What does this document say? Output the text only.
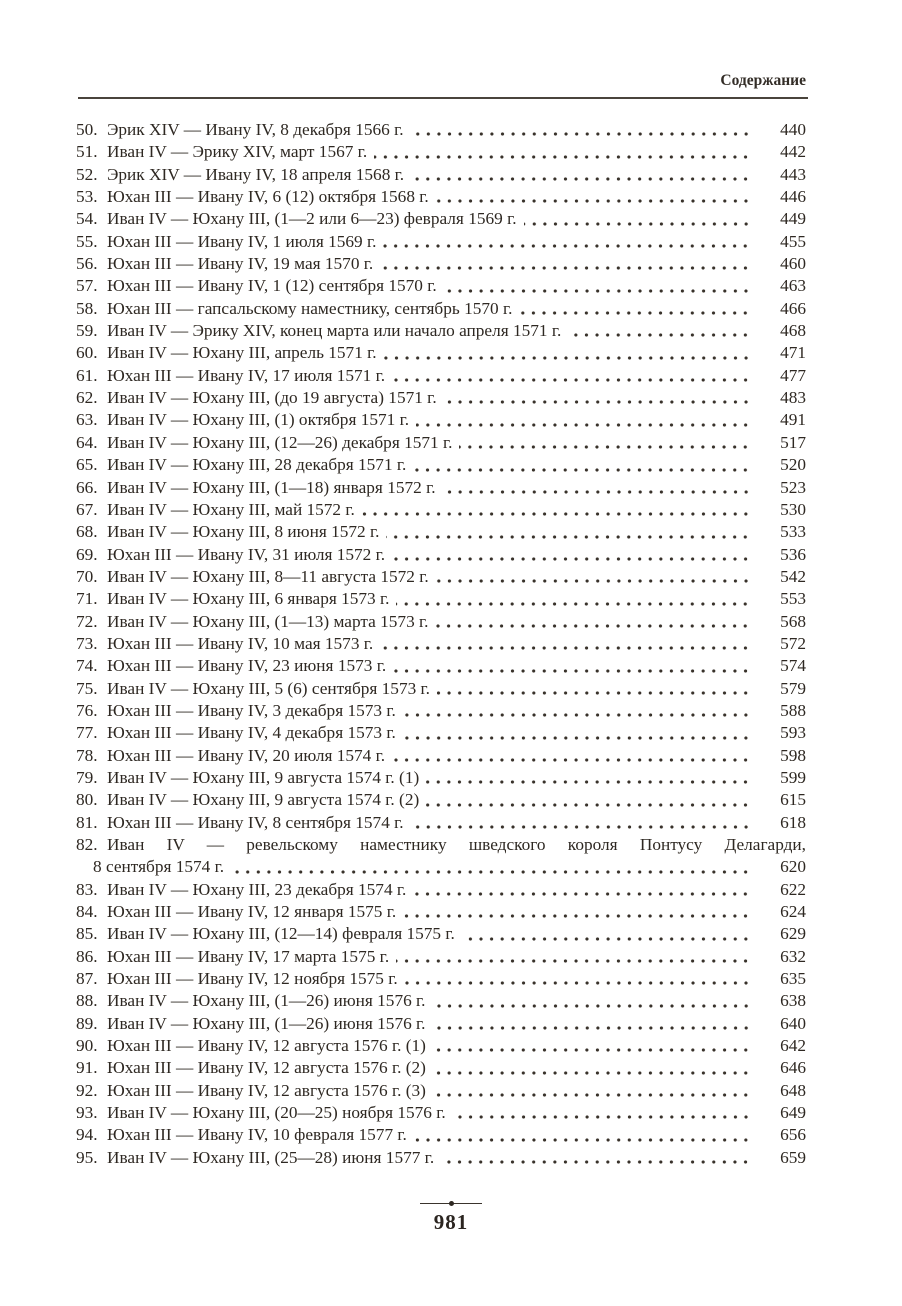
Содержание
50. Эрик XIV — Ивану IV, 8 декабря 1566 г.	440
51. Иван IV — Эрику XIV, март 1567 г.	442
52. Эрик XIV — Ивану IV, 18 апреля 1568 г.	443
53. Юхан III — Ивану IV, 6 (12) октября 1568 г.	446
54. Иван IV — Юхану III, (1—2 или 6—23) февраля 1569 г.	449
55. Юхан III — Ивану IV, 1 июля 1569 г.	455
56. Юхан III — Ивану IV, 19 мая 1570 г.	460
57. Юхан III — Ивану IV, 1 (12) сентября 1570 г.	463
58. Юхан III — гапсальскому наместнику, сентябрь 1570 г.	466
59. Иван IV — Эрику XIV, конец марта или начало апреля 1571 г.	468
60. Иван IV — Юхану III, апрель 1571 г.	471
61. Юхан III — Ивану IV, 17 июля 1571 г.	477
62. Иван IV — Юхану III, (до 19 августа) 1571 г.	483
63. Иван IV — Юхану III, (1) октября 1571 г.	491
64. Иван IV — Юхану III, (12—26) декабря 1571 г.	517
65. Иван IV — Юхану III, 28 декабря 1571 г.	520
66. Иван IV — Юхану III, (1—18) января 1572 г.	523
67. Иван IV — Юхану III, май 1572 г.	530
68. Иван IV — Юхану III, 8 июня 1572 г.	533
69. Юхан III — Ивану IV, 31 июля 1572 г.	536
70. Иван IV — Юхану III, 8—11 августа 1572 г.	542
71. Иван IV — Юхану III, 6 января 1573 г.	553
72. Иван IV — Юхану III, (1—13) марта 1573 г.	568
73. Юхан III — Ивану IV, 10 мая 1573 г.	572
74. Юхан III — Ивану IV, 23 июня 1573 г.	574
75. Иван IV — Юхану III, 5 (6) сентября 1573 г.	579
76. Юхан III — Ивану IV, 3 декабря 1573 г.	588
77. Юхан III — Ивану IV, 4 декабря 1573 г.	593
78. Юхан III — Ивану IV, 20 июля 1574 г.	598
79. Иван IV — Юхану III, 9 августа 1574 г. (1)	599
80. Иван IV — Юхану III, 9 августа 1574 г. (2)	615
81. Юхан III — Ивану IV, 8 сентября 1574 г.	618
82. Иван IV — ревельскому наместнику шведского короля Понтусу Делагарди,
8 сентября 1574 г.	620
83. Иван IV — Юхану III, 23 декабря 1574 г.	622
84. Юхан III — Ивану IV, 12 января 1575 г.	624
85. Иван IV — Юхану III, (12—14) февраля 1575 г.	629
86. Юхан III — Ивану IV, 17 марта 1575 г.	632
87. Юхан III — Ивану IV, 12 ноября 1575 г.	635
88. Иван IV — Юхану III, (1—26) июня 1576 г.	638
89. Иван IV — Юхану III, (1—26) июня 1576 г.	640
90. Юхан III — Ивану IV, 12 августа 1576 г. (1)	642
91. Юхан III — Ивану IV, 12 августа 1576 г. (2)	646
92. Юхан III — Ивану IV, 12 августа 1576 г. (3)	648
93. Иван IV — Юхану III, (20—25) ноября 1576 г.	649
94. Юхан III — Ивану IV, 10 февраля 1577 г.	656
95. Иван IV — Юхану III, (25—28) июня 1577 г.	659
981
